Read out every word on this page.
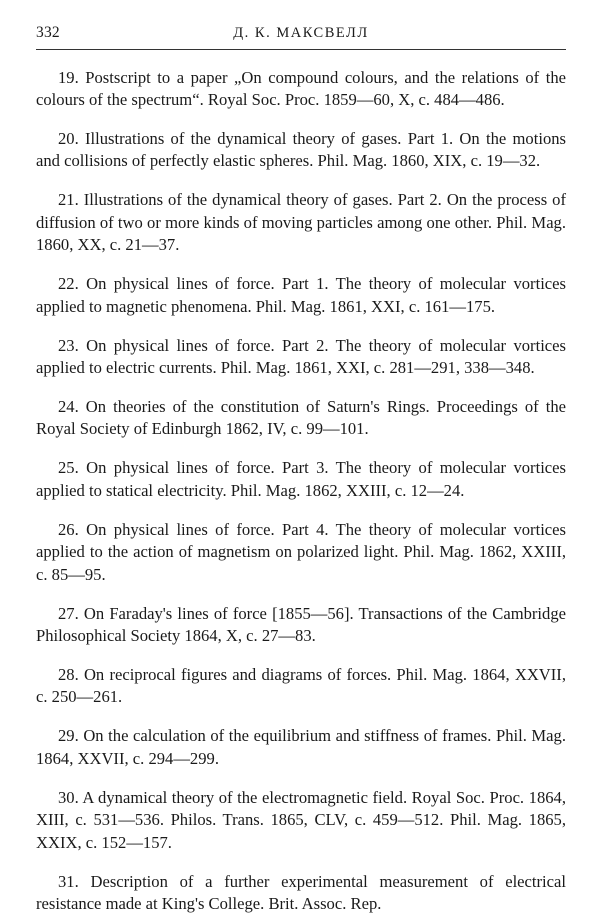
332	Д. К. МАКСВЕЛЛ

19. Postscript to a paper „On compound colours, and the relations of the colours of the spectrum“. Royal Soc. Proc. 1859—60, X, c. 484—486.

20. Illustrations of the dynamical theory of gases. Part 1. On the motions and collisions of perfectly elastic spheres. Phil. Mag. 1860, XIX, c. 19—32.

21. Illustrations of the dynamical theory of gases. Part 2. On the process of diffusion of two or more kinds of moving particles among one other. Phil. Mag. 1860, XX, c. 21—37.

22. On physical lines of force. Part 1. The theory of molecular vortices applied to magnetic phenomena. Phil. Mag. 1861, XXI, c. 161—175.

23. On physical lines of force. Part 2. The theory of molecular vortices applied to electric currents. Phil. Mag. 1861, XXI, c. 281—291, 338—348.

24. On theories of the constitution of Saturn's Rings. Proceedings of the Royal Society of Edinburgh 1862, IV, c. 99—101.

25. On physical lines of force. Part 3. The theory of molecular vortices applied to statical electricity. Phil. Mag. 1862, XXIII, c. 12—24.

26. On physical lines of force. Part 4. The theory of molecular vortices applied to the action of magnetism on polarized light. Phil. Mag. 1862, XXIII, c. 85—95.

27. On Faraday's lines of force [1855—56]. Transactions of the Cambridge Philosophical Society 1864, X, c. 27—83.

28. On reciprocal figures and diagrams of forces. Phil. Mag. 1864, XXVII, c. 250—261.

29. On the calculation of the equilibrium and stiffness of frames. Phil. Mag. 1864, XXVII, c. 294—299.

30. A dynamical theory of the electromagnetic field. Royal Soc. Proc. 1864, XIII, c. 531—536. Philos. Trans. 1865, CLV, c. 459—512. Phil. Mag. 1865, XXIX, c. 152—157.

31. Description of a further experimental measurement of electrical resistance made at King's College. Brit. Assoc. Rep.
